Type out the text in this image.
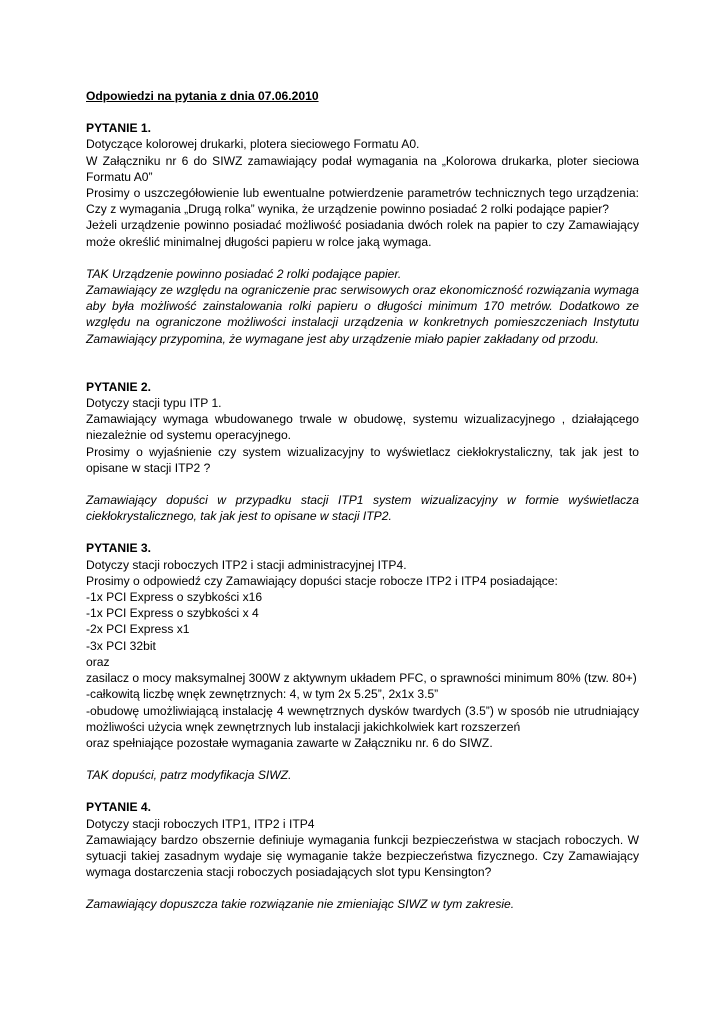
Odpowiedzi na pytania z dnia 07.06.2010

PYTANIE 1.

Dotyczące kolorowej drukarki, plotera sieciowego Formatu A0.

W Załączniku nr 6 do SIWZ zamawiający podał wymagania na „Kolorowa drukarka, ploter sieciowa Formatu A0”

Prosimy o uszczegółowienie lub ewentualne potwierdzenie parametrów technicznych tego urządzenia: Czy z wymagania „Drugą rolka” wynika, że urządzenie powinno posiadać 2 rolki podające papier?

Jeżeli urządzenie powinno posiadać możliwość posiadania dwóch rolek na papier to czy Zamawiający może określić minimalnej długości papieru w rolce jaką wymaga.

TAK Urządzenie powinno posiadać 2 rolki podające papier.

Zamawiający ze względu na ograniczenie prac serwisowych oraz ekonomiczność rozwiązania wymaga aby była możliwość zainstalowania rolki papieru o długości minimum 170 metrów. Dodatkowo ze względu na ograniczone możliwości instalacji urządzenia w konkretnych pomieszczeniach Instytutu Zamawiający przypomina, że wymagane jest aby urządzenie miało papier zakładany od przodu.

PYTANIE 2.

Dotyczy stacji typu ITP 1.

Zamawiający wymaga wbudowanego trwale w obudowę, systemu wizualizacyjnego , działającego niezależnie od systemu operacyjnego.

Prosimy o wyjaśnienie czy system wizualizacyjny to wyświetlacz ciekłokrystaliczny, tak jak jest to opisane w stacji ITP2 ?

Zamawiający dopuści w przypadku stacji ITP1 system wizualizacyjny w formie wyświetlacza ciekłokrystalicznego, tak jak jest to opisane w stacji ITP2.

PYTANIE 3.

Dotyczy stacji roboczych ITP2 i stacji administracyjnej ITP4.

Prosimy o odpowiedź czy Zamawiający dopuści stacje robocze ITP2 i ITP4 posiadające:

-1x PCI Express o szybkości x16

-1x PCI Express o szybkości x 4

-2x PCI Express x1

-3x PCI 32bit

oraz

zasilacz o mocy maksymalnej 300W z aktywnym układem PFC, o sprawności minimum 80% (tzw. 80+)

-całkowitą liczbę wnęk zewnętrznych: 4, w tym 2x 5.25”, 2x1x 3.5”

-obudowę umożliwiającą instalację 4 wewnętrznych dysków twardych (3.5”) w sposób nie utrudniający możliwości użycia wnęk zewnętrznych lub instalacji jakichkolwiek kart rozszerzeń

oraz spełniające pozostałe wymagania zawarte w Załączniku nr. 6 do SIWZ.

TAK dopuści, patrz modyfikacja SIWZ.

PYTANIE 4.

Dotyczy stacji roboczych ITP1, ITP2 i ITP4

Zamawiający bardzo obszernie definiuje wymagania funkcji bezpieczeństwa w stacjach roboczych. W sytuacji takiej zasadnym wydaje się wymaganie także bezpieczeństwa fizycznego. Czy Zamawiający wymaga dostarczenia stacji roboczych posiadających slot typu Kensington?

Zamawiający dopuszcza takie rozwiązanie nie zmieniając SIWZ w tym zakresie.
